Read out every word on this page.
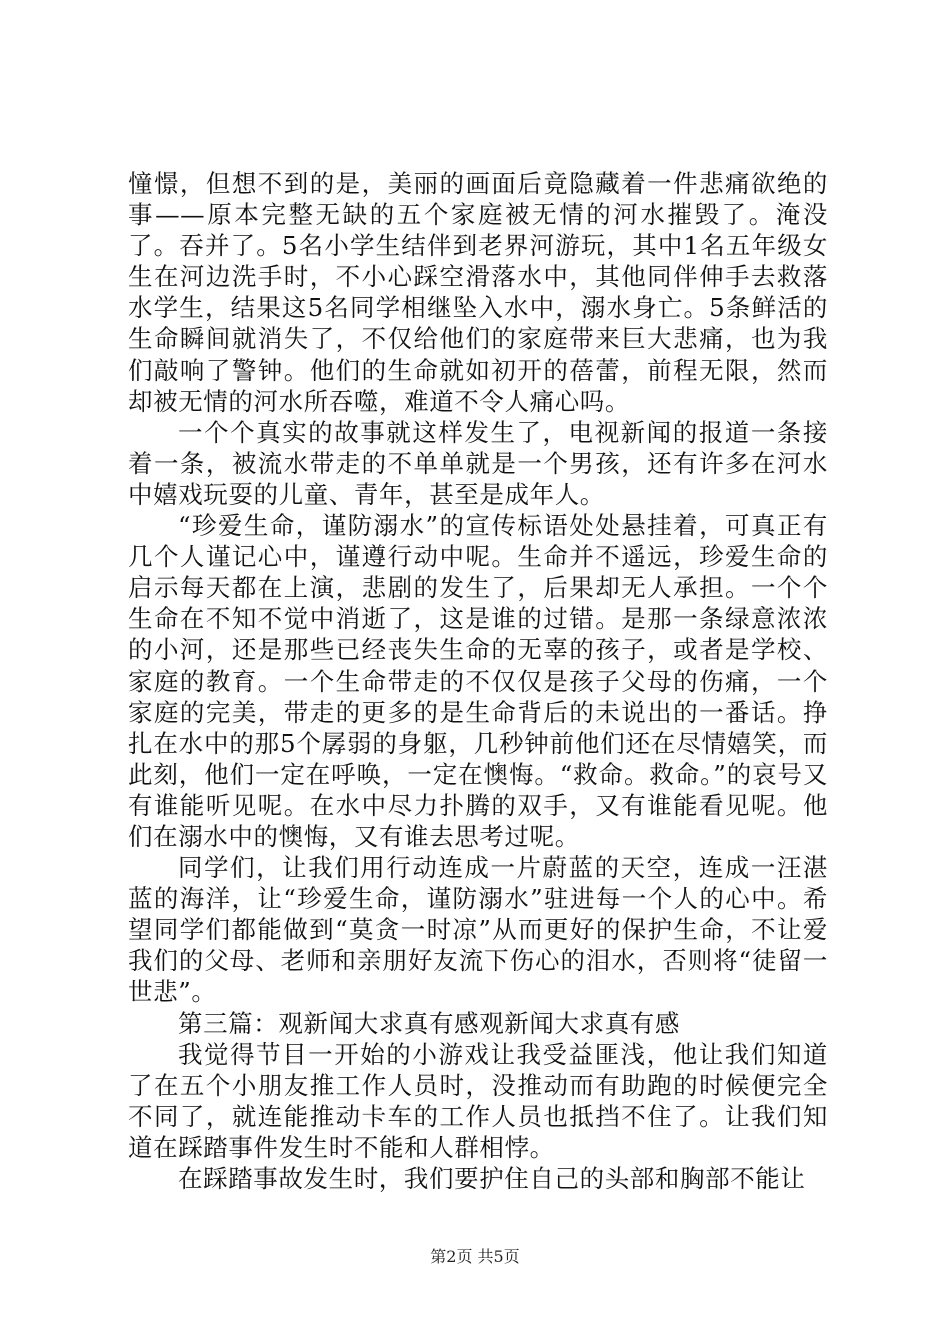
憧憬，但想不到的是，美丽的画面后竟隐藏着一件悲痛欲绝的事——原本完整无缺的五个家庭被无情的河水摧毁了。淹没了。吞并了。5名小学生结伴到老界河游玩，其中1名五年级女生在河边洗手时，不小心踩空滑落水中，其他同伴伸手去救落水学生，结果这5名同学相继坠入水中，溺水身亡。5条鲜活的生命瞬间就消失了，不仅给他们的家庭带来巨大悲痛，也为我们敲响了警钟。他们的生命就如初开的蓓蕾，前程无限，然而却被无情的河水所吞噬，难道不令人痛心吗。

一个个真实的故事就这样发生了，电视新闻的报道一条接着一条，被流水带走的不单单就是一个男孩，还有许多在河水中嬉戏玩耍的儿童、青年，甚至是成年人。

“珍爱生命，谨防溺水”的宣传标语处处悬挂着，可真正有几个人谨记心中，谨遵行动中呢。生命并不遥远，珍爱生命的启示每天都在上演，悲剧的发生了，后果却无人承担。一个个生命在不知不觉中消逝了，这是谁的过错。是那一条绿意浓浓的小河，还是那些已经丧失生命的无辜的孩子，或者是学校、家庭的教育。一个生命带走的不仅仅是孩子父母的伤痛，一个家庭的完美，带走的更多的是生命背后的未说出的一番话。挣扎在水中的那5个孱弱的身躯，几秒钟前他们还在尽情嬉笑，而此刻，他们一定在呼唤，一定在懊悔。“救命。救命。”的哀号又有谁能听见呢。在水中尽力扑腾的双手，又有谁能看见呢。他们在溺水中的懊悔，又有谁去思考过呢。

同学们，让我们用行动连成一片蔚蓝的天空，连成一汪湛蓝的海洋，让“珍爱生命，谨防溺水”驻进每一个人的心中。希望同学们都能做到“莫贪一时凉”从而更好的保护生命，不让爱我们的父母、老师和亲朋好友流下伤心的泪水，否则将“徒留一世悲”。

第三篇：观新闻大求真有感观新闻大求真有感

我觉得节目一开始的小游戏让我受益匪浅，他让我们知道了在五个小朋友推工作人员时，没推动而有助跑的时候便完全不同了，就连能推动卡车的工作人员也抵挡不住了。让我们知道在踩踏事件发生时不能和人群相悖。

在踩踏事故发生时，我们要护住自己的头部和胸部不能让

第2页 共5页
